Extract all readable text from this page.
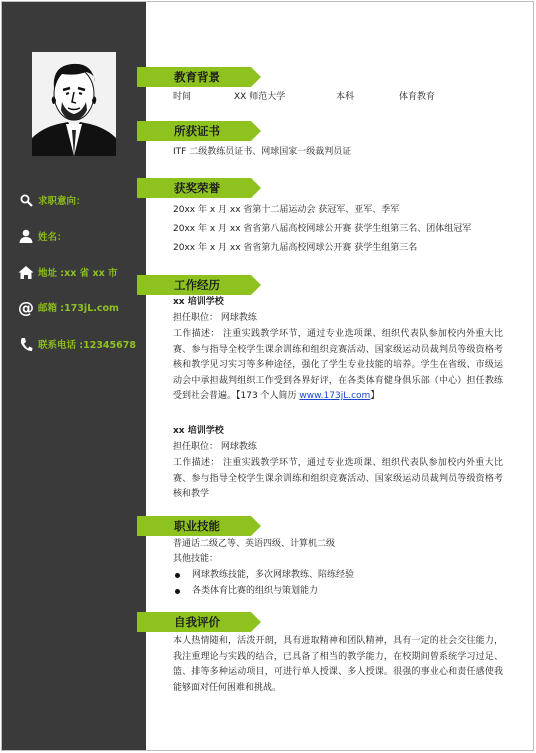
求职意向：
姓名：
地址 :xx 省 xx 市
@ 邮箱 :173jL.com
联系电话 :12345678
教育背景
时间	XX 师范大学	本科	体育教育
所获证书
ITF 二级教练员证书、网球国家一级裁判员证
获奖荣誉
20xx 年 x 月 xx 省第十二届运动会 获冠军、亚军、季军
20xx 年 x 月 xx 省省第八届高校网球公开赛 获学生组第三名、团体组冠军
20xx 年 x 月 xx 省省第九届高校网球公开赛 获学生组第三名
工作经历
xx 培训学校
担任职位： 网球教练
工作描述： 注重实践教学环节，通过专业选项课、组织代表队参加校内外重大比赛、参与指导全校学生课余训练和组织竞赛活动、国家级运动员裁判员等级资格考核和教学见习实习等多种途径，强化了学生专业技能的培养。学生在省级、市级运动会中承担裁判组织工作受到各界好评，在各类体育健身俱乐部（中心）担任教练受到社会普遍。【173 个人简历 www.173jL.com】
xx 培训学校
担任职位： 网球教练
工作描述： 注重实践教学环节，通过专业选项课、组织代表队参加校内外重大比赛、参与指导全校学生课余训练和组织竞赛活动、国家级运动员裁判员等级资格考核和教学
职业技能
普通话二级乙等、英语四级、计算机二级
其他技能：
网球教练技能，多次网球教练、陪练经验
各类体育比赛的组织与策划能力
自我评价
本人热情随和，活泼开朗，具有进取精神和团队精神，具有一定的社会交往能力，我注重理论与实践的结合，已具备了相当的教学能力，在校期间曾系统学习过足、篮、排等多种运动项目，可进行单人授课、多人授课。很强的事业心和责任感使我能够面对任何困难和挑战。
